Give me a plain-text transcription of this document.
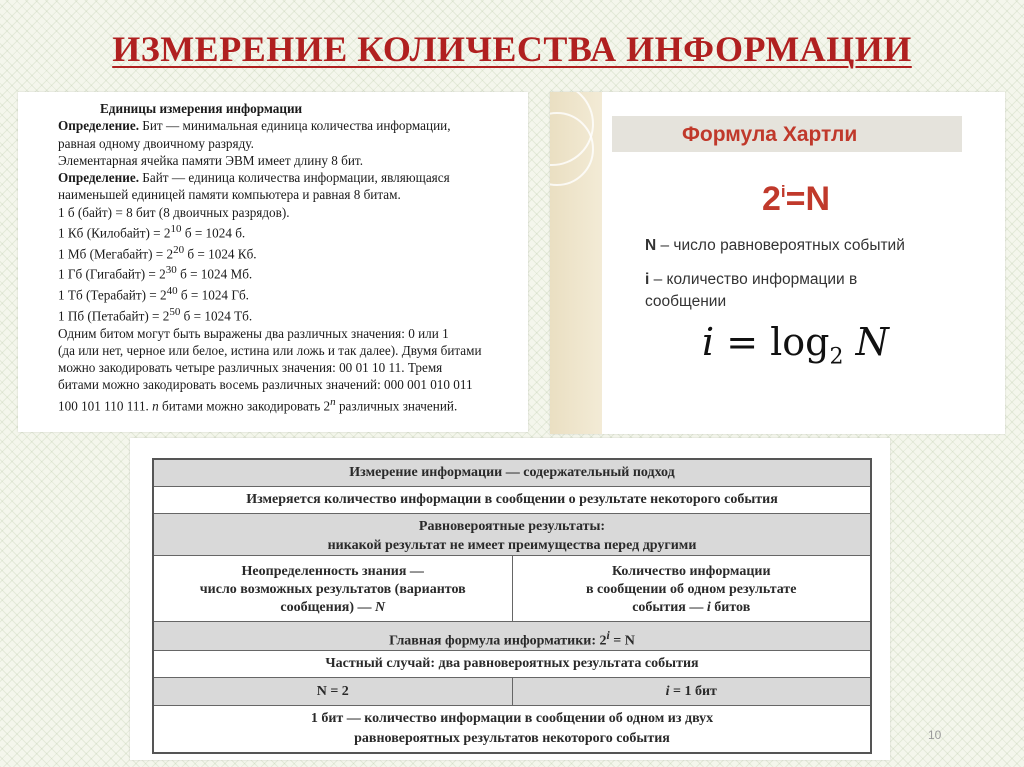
ИЗМЕРЕНИЕ КОЛИЧЕСТВА ИНФОРМАЦИИ

Единицы измерения информации

Определение. Бит — минимальная единица количества информации,

равная одному двоичному разряду.

Элементарная ячейка памяти ЭВМ имеет длину 8 бит.

Определение. Байт — единица количества информации, являющаяся

наименьшей единицей памяти компьютера и равная 8 битам.

1 б (байт) = 8 бит (8 двоичных разрядов).

1 Кб (Килобайт) = $2^{10}$ б = 1024 б.

1 Мб (Мегабайт) = $2^{20}$ б = 1024 Кб.

1 Гб (Гигабайт) = $2^{30}$ б = 1024 Мб.

1 Тб (Терабайт) = $2^{40}$ б = 1024 Гб.

1 Пб (Петабайт) = $2^{50}$ б = 1024 Тб.

Одним битом могут быть выражены два различных значения: 0 или 1

(да или нет, черное или белое, истина или ложь и так далее). Двумя битами

можно закодировать четыре различных значения: 00 01 10 11. Тремя

битами можно закодировать восемь различных значений: 000 001 010 011

100 101 110 111. n битами можно закодировать 2$^n$ различных значений.

Формула Хартли
$2^i=N$
N – число равновероятных событий
i – количество информации в
сообщении
$i = \log_2 N$
Измерение информации — содержательный подход
Измеряется количество информации в сообщении о результате некоторого события
Равновероятные результаты:
никакой результат не имеет преимущества перед другими
Неопределенность знания —
число возможных результатов (вариантов
сообщения) — N
Количество информации
в сообщении об одном результате
события — i битов
Главная формула информатики: $2^i = N$
Частный случай: два равновероятных результата события
N = 2	i = 1 бит
1 бит — количество информации в сообщении об одном из двух
равновероятных результатов некоторого события	10
